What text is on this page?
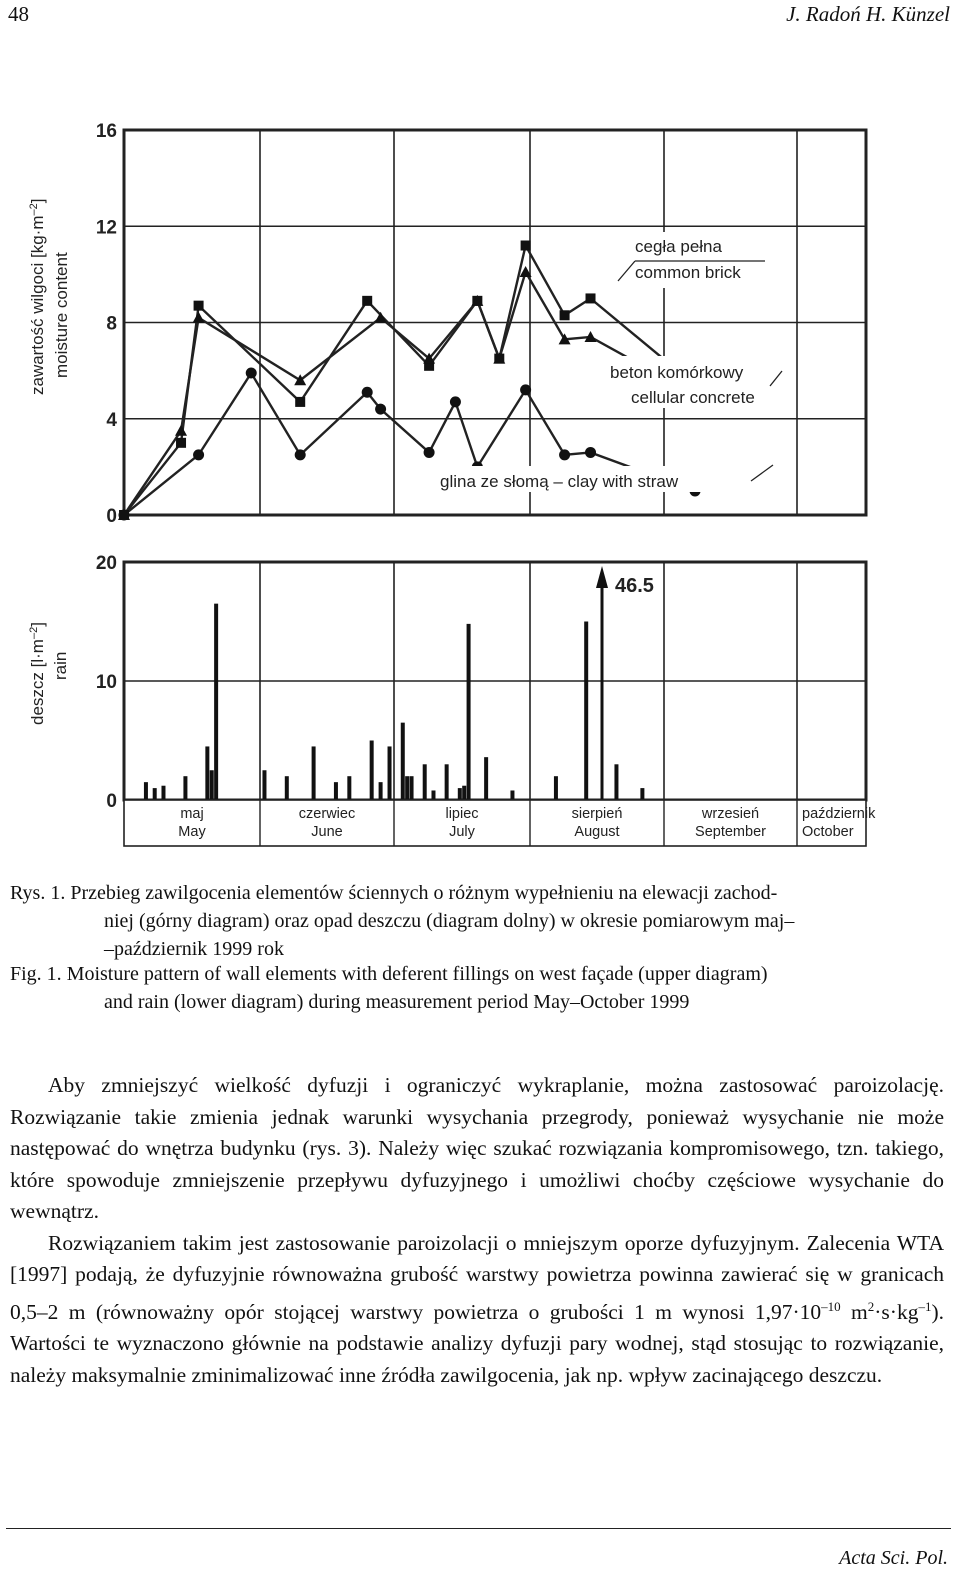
48	J. Radoń H. Künzel
0
4
8
12
16
zawartość wilgoci $[kg\cdot m^{-2}]$
moisture content
cegła pełna
common brick
beton komórkowy
cellular concrete
glina ze słomą – clay with straw
0
10
20
46.5
deszcz $[l\cdot m^{-2}]$
rain
maj
May
czerwiec
June
lipiec
July
sierpień
August
wrzesień
September
październik
October
Rys. 1. Przebieg zawilgocenia elementów ściennych o różnym wypełnieniu na elewacji zachod-
niej (górny diagram) oraz opad deszczu (diagram dolny) w okresie pomiarowym maj–
–październik 1999 rok
Fig. 1. Moisture pattern of wall elements with deferent fillings on west façade (upper diagram)
and rain (lower diagram) during measurement period May–October 1999

Aby zmniejszyć wielkość dyfuzji i ograniczyć wykraplanie, można zastosować paroizolację. Rozwiązanie takie zmienia jednak warunki wysychania przegrody, ponieważ wysychanie nie może następować do wnętrza budynku (rys. 3). Należy więc szukać rozwiązania kompromisowego, tzn. takiego, które spowoduje zmniejszenie przepływu dyfuzyjnego i umożliwi choćby częściowe wysychanie do wewnątrz.

Rozwiązaniem takim jest zastosowanie paroizolacji o mniejszym oporze dyfuzyjnym. Zalecenia WTA [1997] podają, że dyfuzyjnie równoważna grubość warstwy powietrza powinna zawierać się w granicach 0,5–2 m (równoważny opór stojącej warstwy powietrza o grubości 1 m wynosi $1,97\cdot 10^{-10}$ $m^2\cdot s\cdot kg^{-1}$). Wartości te wyznaczono głównie na podstawie analizy dyfuzji pary wodnej, stąd stosując to rozwiązanie, należy maksymalnie zminimalizować inne źródła zawilgocenia, jak np. wpływ zacinającego deszczu.

Acta Sci. Pol.
